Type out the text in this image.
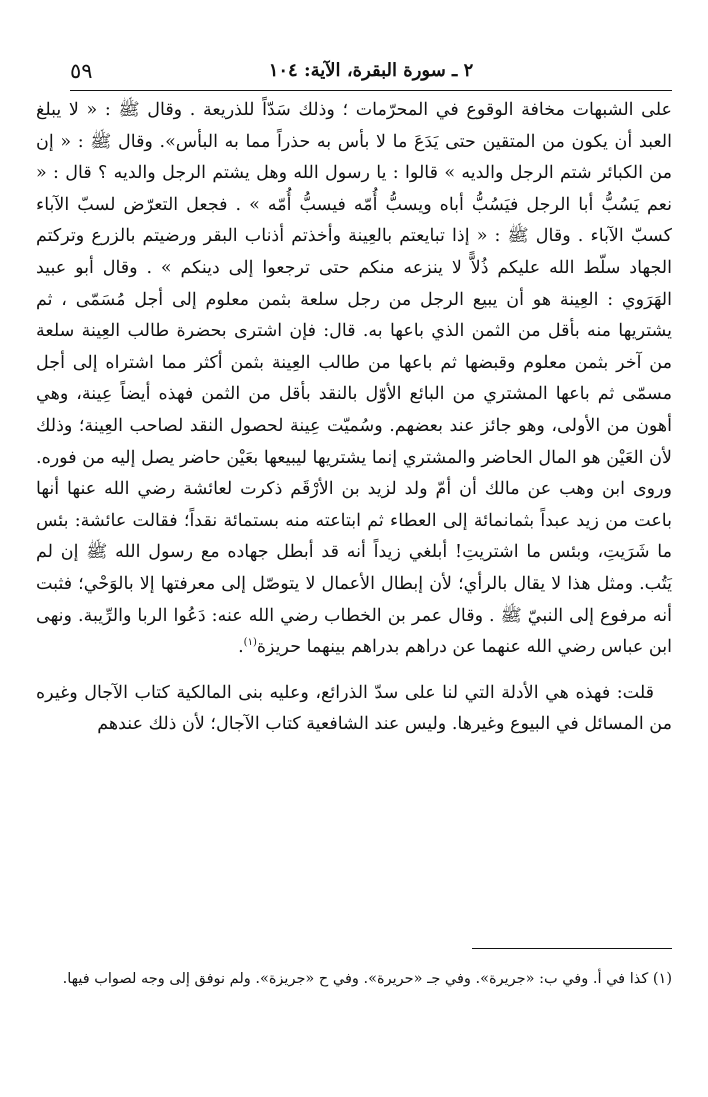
٥٩	٢ ـ سورة البقرة، الآية: ١٠٤

على الشبهات مخافة الوقوع في المحرّمات ؛ وذلك سَدّاً للذريعة . وقال ﷺ : « لا يبلغ العبد أن يكون من المتقين حتى يَدَعَ ما لا بأس به حذراً مما به البأس». وقال ﷺ : « إن من الكبائر شتم الرجل والديه » قالوا : يا رسول الله وهل يشتم الرجل والديه ؟ قال : « نعم يَسُبُّ أبا الرجل فيَسُبُّ أباه ويسبُّ أُمّه فيسبُّ أُمّه » . فجعل التعرّض لسبّ الآباء كسبّ الآباء . وقال ﷺ : « إذا تبايعتم بالعِينة وأخذتم أذناب البقر ورضيتم بالزرع وتركتم الجهاد سلّط الله عليكم ذُلاًّ لا ينزعه منكم حتى ترجعوا إلى دينكم » . وقال أبو عبيد الهَرَوي : العِينة هو أن يبيع الرجل من رجل سلعة بثمن معلوم إلى أجل مُسَمّى ، ثم يشتريها منه بأقل من الثمن الذي باعها به. قال: فإن اشترى بحضرة طالب العِينة سلعة من آخر بثمن معلوم وقبضها ثم باعها من طالب العِينة بثمن أكثر مما اشتراه إلى أجل مسمّى ثم باعها المشتري من البائع الأوّل بالنقد بأقل من الثمن فهذه أيضاً عِينة، وهي أهون من الأولى، وهو جائز عند بعضهم. وسُميّت عِينة لحصول النقد لصاحب العِينة؛ وذلك لأن العَيْن هو المال الحاضر والمشتري إنما يشتريها ليبيعها بعَيْن حاضر يصل إليه من فوره. وروى ابن وهب عن مالك أن أمّ ولد لزيد بن الأرْقَم ذكرت لعائشة رضي الله عنها أنها باعت من زيد عبداً بثمانمائة إلى العطاء ثم ابتاعته منه بستمائة نقداً؛ فقالت عائشة: بئس ما شَرَيتِ، وبئس ما اشتريتِ! أبلغي زيداً أنه قد أبطل جهاده مع رسول الله ﷺ إن لم يَتُب. ومثل هذا لا يقال بالرأي؛ لأن إبطال الأعمال لا يتوصّل إلى معرفتها إلا بالوَحْي؛ فثبت أنه مرفوع إلى النبيّ ﷺ . وقال عمر بن الخطاب رضي الله عنه: دَعُوا الربا والرِّيبة. ونهى ابن عباس رضي الله عنهما عن دراهم بدراهم بينهما حريزة$^{(١)}$.

قلت: فهذه هي الأدلة التي لنا على سدّ الذرائع، وعليه بنى المالكية كتاب الآجال وغيره من المسائل في البيوع وغيرها. وليس عند الشافعية كتاب الآجال؛ لأن ذلك عندهم

(١) كذا في أ. وفي ب: «جريرة». وفي جـ «حريرة». وفي ح «جريزة». ولم نوفق إلى وجه لصواب فيها.
